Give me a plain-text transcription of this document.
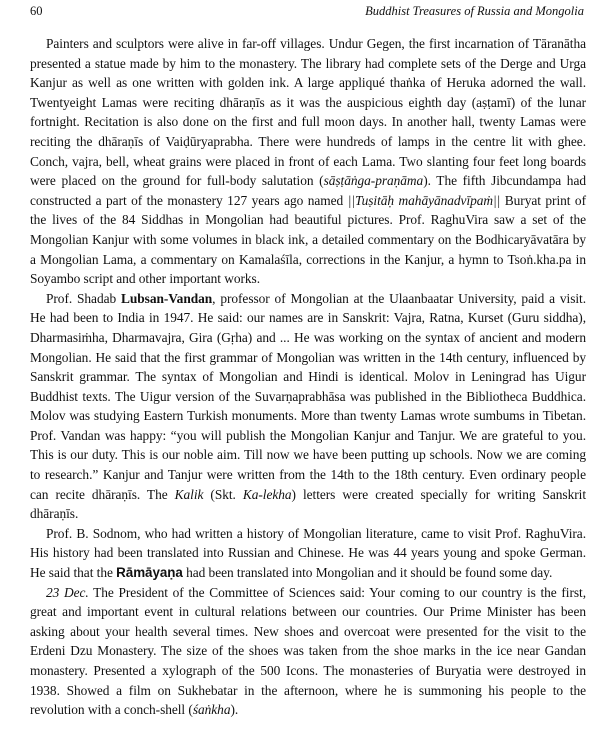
60	Buddhist Treasures of Russia and Mongolia

Painters and sculptors were alive in far-off villages. Undur Gegen, the first incarnation of Tāranātha presented a statue made by him to the monastery. The library had complete sets of the Derge and Urga Kanjur as well as one written with golden ink. A large appliqué thaṅka of Heruka adorned the wall. Twentyeight Lamas were reciting dhāraṇīs as it was the auspicious eighth day (aṣṭamī) of the lunar fortnight. Recitation is also done on the first and full moon days. In another hall, twenty Lamas were reciting the dhāraṇīs of Vaiḍūryaprabha. There were hundreds of lamps in the centre lit with ghee. Conch, vajra, bell, wheat grains were placed in front of each Lama. Two slanting four feet long boards were placed on the ground for full-body salutation (sāṣṭāṅga-praṇāma). The fifth Jibcundampa had constructed a part of the monastery 127 years ago named ||Tuṣitāḥ mahāyānadvīpaṁ|| Buryat print of the lives of the 84 Siddhas in Mongolian had beautiful pictures. Prof. RaghuVira saw a set of the Mongolian Kanjur with some volumes in black ink, a detailed commentary on the Bodhicaryāvatāra by a Mongolian Lama, a commentary on Kamalaśīla, corrections in the Kanjur, a hymn to Tsoṅ.kha.pa in Soyambo script and other important works.

Prof. Shadab Lubsan-Vandan, professor of Mongolian at the Ulaanbaatar University, paid a visit. He had been to India in 1947. He said: our names are in Sanskrit: Vajra, Ratna, Kurset (Guru siddha), Dharmasiṁha, Dharmavajra, Gira (Gṛha) and ... He was working on the syntax of ancient and modern Mongolian. He said that the first grammar of Mongolian was written in the 14th century, influenced by Sanskrit grammar. The syntax of Mongolian and Hindi is identical. Molov in Leningrad has Uigur Buddhist texts. The Uigur version of the Suvarṇaprabhāsa was published in the Bibliotheca Buddhica. Molov was studying Eastern Turkish monuments. More than twenty Lamas wrote sumbums in Tibetan. Prof. Vandan was happy: “you will publish the Mongolian Kanjur and Tanjur. We are grateful to you. This is our duty. This is our noble aim. Till now we have been putting up schools. Now we are coming to research.” Kanjur and Tanjur were written from the 14th to the 18th century. Even ordinary people can recite dhāraṇīs. The Kalik (Skt. Ka-lekha) letters were created specially for writing Sanskrit dhāraṇīs.

Prof. B. Sodnom, who had written a history of Mongolian literature, came to visit Prof. RaghuVira. His history had been translated into Russian and Chinese. He was 44 years young and spoke German. He said that the Rāmāyaṇa had been translated into Mongolian and it should be found some day.

23 Dec. The President of the Committee of Sciences said: Your coming to our country is the first, great and important event in cultural relations between our countries. Our Prime Minister has been asking about your health several times. New shoes and overcoat were presented for the visit to the Erdeni Dzu Monastery. The size of the shoes was taken from the shoe marks in the ice near Gandan monastery. Presented a xylograph of the 500 Icons. The monasteries of Buryatia were destroyed in 1938. Showed a film on Sukhebatar in the afternoon, where he is summoning his people to the revolution with a conch-shell (śaṅkha).
